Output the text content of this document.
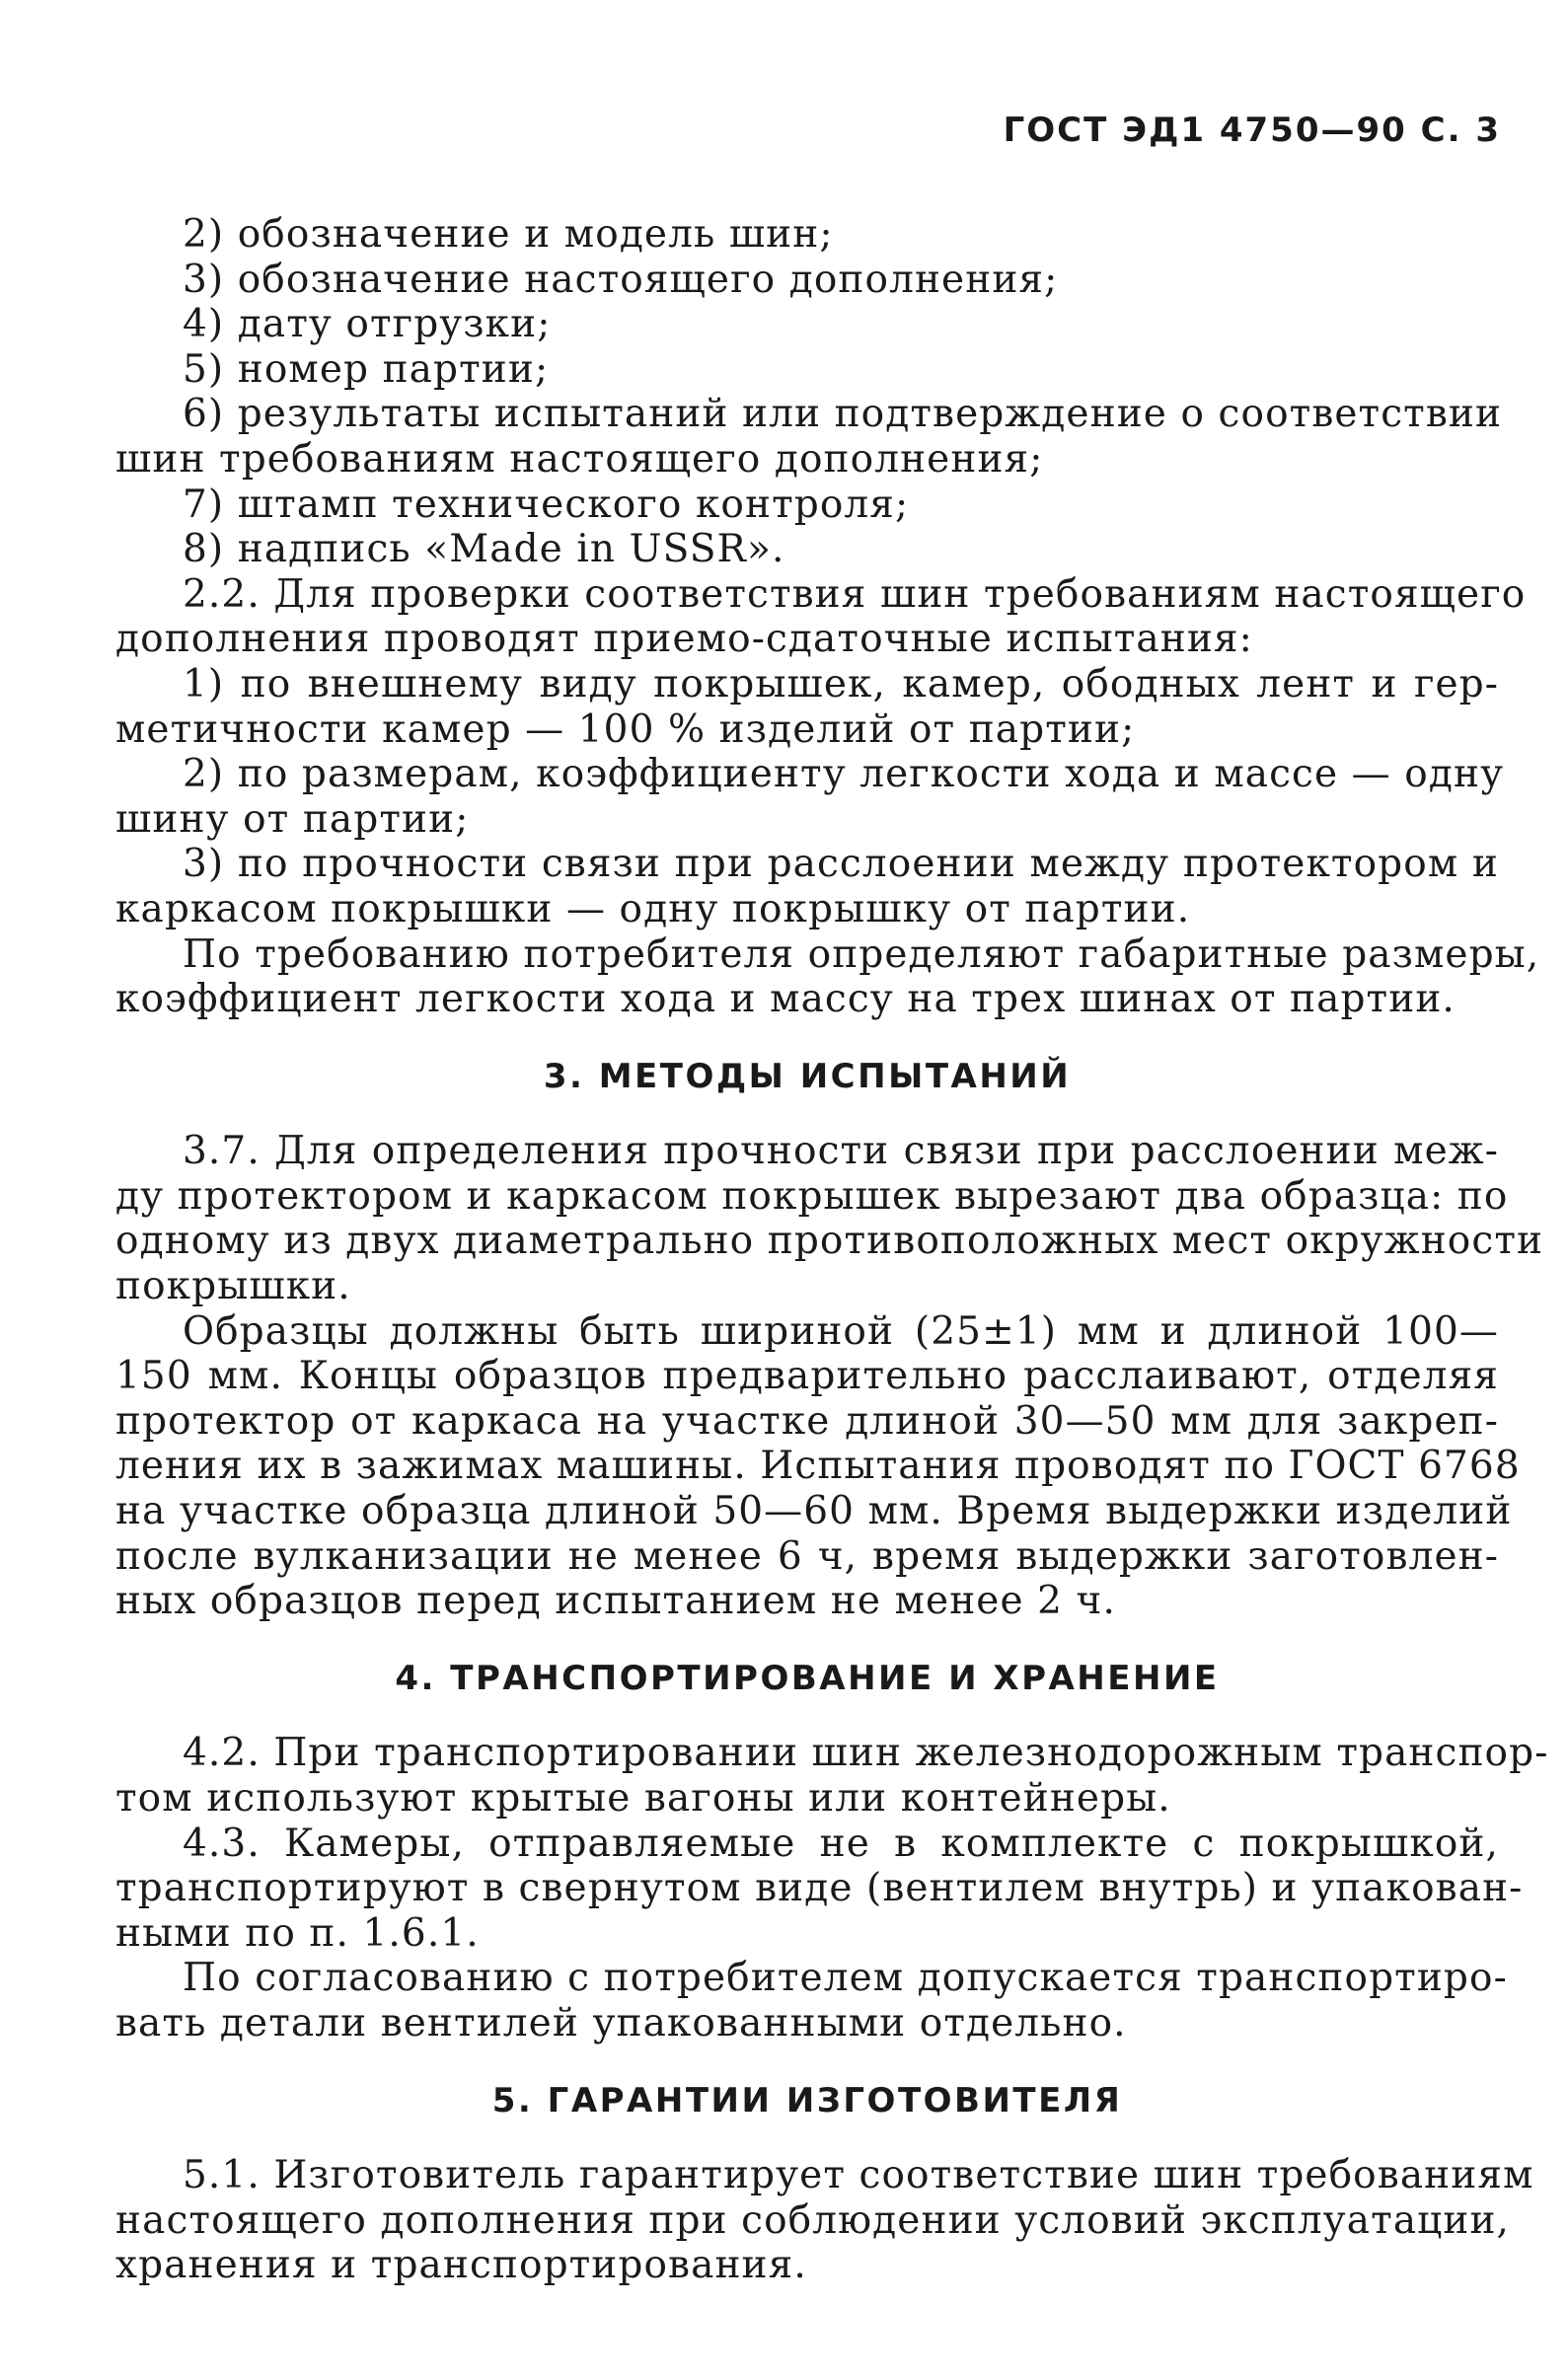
ГОСТ ЭД1 4750—90 С. 3
2) обозначение и модель шин;
3) обозначение настоящего дополнения;
4) дату отгрузки;
5) номер партии;
6) результаты испытаний или подтверждение о соответствии
шин требованиям настоящего дополнения;
7) штамп технического контроля;
8) надпись «Made in USSR».
2.2. Для проверки соответствия шин требованиям настоящего
дополнения проводят приемо-сдаточные испытания:
1) по внешнему виду покрышек, камер, ободных лент и гер-
метичности камер — 100 % изделий от партии;
2) по размерам, коэффициенту легкости хода и массе — одну
шину от партии;
3) по прочности связи при расслоении между протектором и
каркасом покрышки — одну покрышку от партии.
По требованию потребителя определяют габаритные размеры,
коэффициент легкости хода и массу на трех шинах от партии.
3. МЕТОДЫ ИСПЫТАНИЙ
3.7. Для определения прочности связи при расслоении меж-
ду протектором и каркасом покрышек вырезают два образца: по
одному из двух диаметрально противоположных мест окружности
покрышки.
Образцы должны быть шириной (25±1) мм и длиной 100—
150 мм. Концы образцов предварительно расслаивают, отделяя
протектор от каркаса на участке длиной 30—50 мм для закреп-
ления их в зажимах машины. Испытания проводят по ГОСТ 6768
на участке образца длиной 50—60 мм. Время выдержки изделий
после вулканизации не менее 6 ч, время выдержки заготовлен-
ных образцов перед испытанием не менее 2 ч.
4. ТРАНСПОРТИРОВАНИЕ И ХРАНЕНИЕ
4.2. При транспортировании шин железнодорожным транспор-
том используют крытые вагоны или контейнеры.
4.3. Камеры, отправляемые не в комплекте с покрышкой,
транспортируют в свернутом виде (вентилем внутрь) и упакован-
ными по п. 1.6.1.
По согласованию с потребителем допускается транспортиро-
вать детали вентилей упакованными отдельно.
5. ГАРАНТИИ ИЗГОТОВИТЕЛЯ
5.1. Изготовитель гарантирует соответствие шин требованиям
настоящего дополнения при соблюдении условий эксплуатации,
хранения и транспортирования.
